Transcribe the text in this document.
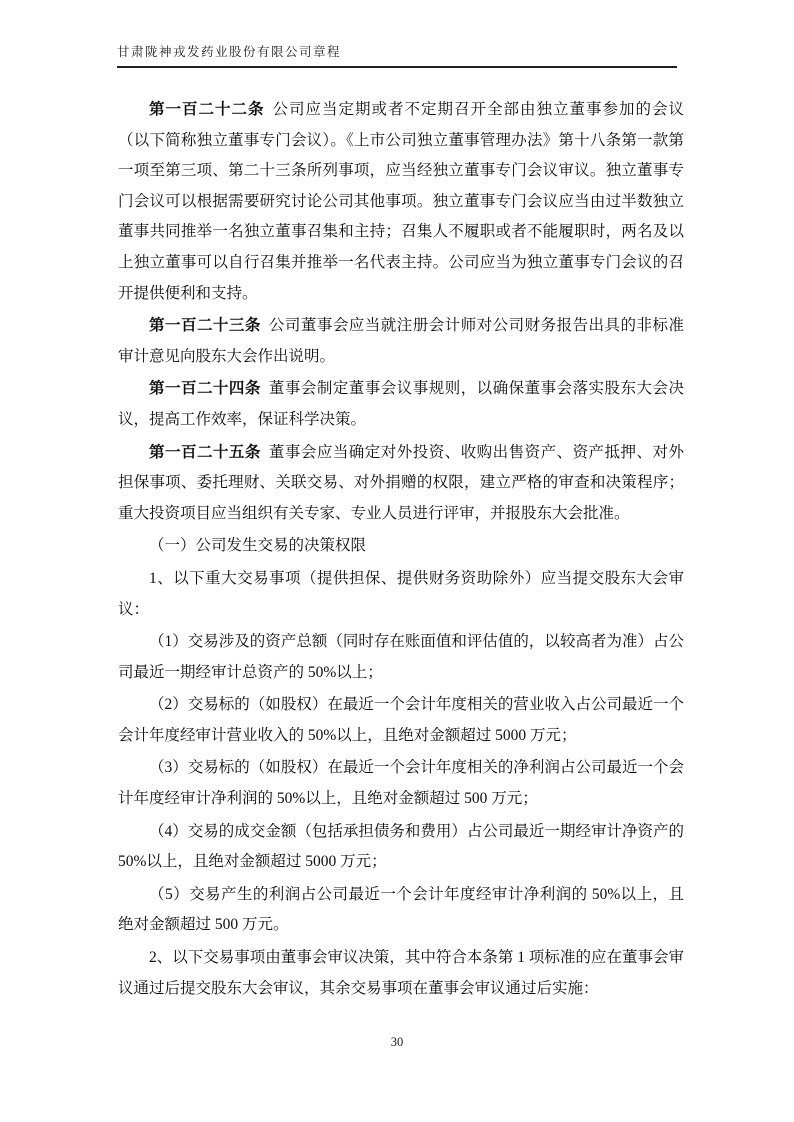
甘肃陇神戎发药业股份有限公司章程

第一百二十二条 公司应当定期或者不定期召开全部由独立董事参加的会议（以下简称独立董事专门会议）。《上市公司独立董事管理办法》第十八条第一款第一项至第三项、第二十三条所列事项，应当经独立董事专门会议审议。独立董事专门会议可以根据需要研究讨论公司其他事项。独立董事专门会议应当由过半数独立董事共同推举一名独立董事召集和主持；召集人不履职或者不能履职时，两名及以上独立董事可以自行召集并推举一名代表主持。公司应当为独立董事专门会议的召开提供便利和支持。

第一百二十三条 公司董事会应当就注册会计师对公司财务报告出具的非标准审计意见向股东大会作出说明。

第一百二十四条 董事会制定董事会议事规则，以确保董事会落实股东大会决议，提高工作效率，保证科学决策。

第一百二十五条 董事会应当确定对外投资、收购出售资产、资产抵押、对外担保事项、委托理财、关联交易、对外捐赠的权限，建立严格的审查和决策程序；重大投资项目应当组织有关专家、专业人员进行评审，并报股东大会批准。

（一）公司发生交易的决策权限

1、以下重大交易事项（提供担保、提供财务资助除外）应当提交股东大会审议：

（1）交易涉及的资产总额（同时存在账面值和评估值的，以较高者为准）占公司最近一期经审计总资产的 50%以上；

（2）交易标的（如股权）在最近一个会计年度相关的营业收入占公司最近一个会计年度经审计营业收入的 50%以上，且绝对金额超过 5000 万元；

（3）交易标的（如股权）在最近一个会计年度相关的净利润占公司最近一个会计年度经审计净利润的 50%以上，且绝对金额超过 500 万元；

（4）交易的成交金额（包括承担债务和费用）占公司最近一期经审计净资产的 50%以上，且绝对金额超过 5000 万元；

（5）交易产生的利润占公司最近一个会计年度经审计净利润的 50%以上，且绝对金额超过 500 万元。

2、以下交易事项由董事会审议决策，其中符合本条第 1 项标准的应在董事会审议通过后提交股东大会审议，其余交易事项在董事会审议通过后实施：

30
